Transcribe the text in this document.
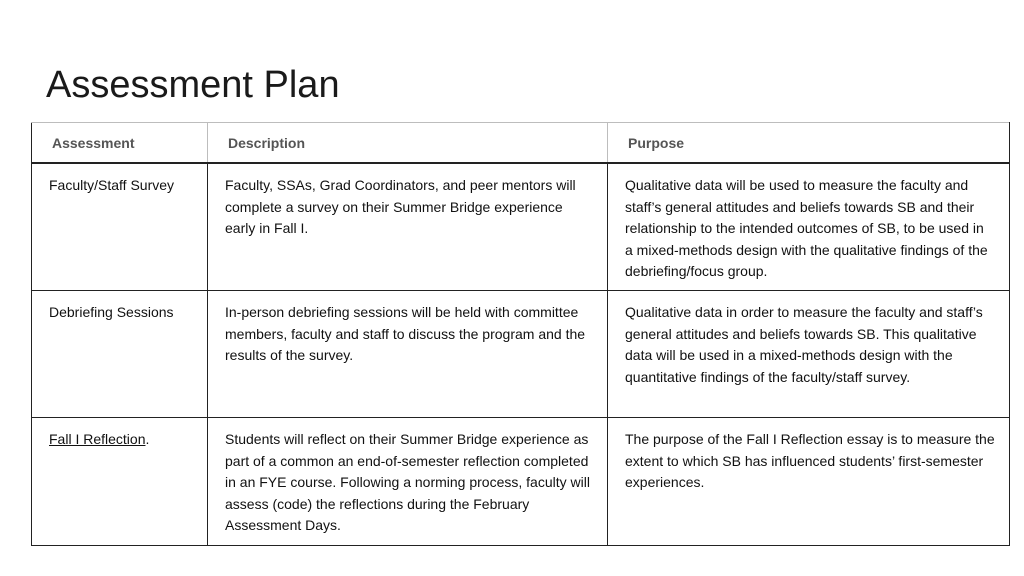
Assessment Plan
Assessment	Description	Purpose
Faculty/Staff Survey	Faculty, SSAs, Grad Coordinators, and peer mentors will complete a survey on their Summer Bridge experience early in Fall I.	Qualitative data will be used to measure the faculty and staff’s general attitudes and beliefs towards SB and their relationship to the intended outcomes of SB, to be used in a mixed-methods design with the qualitative findings of the debriefing/focus group.
Debriefing Sessions	In-person debriefing sessions will be held with committee members, faculty and staff to discuss the program and the results of the survey.	Qualitative data in order to measure the faculty and staff’s general attitudes and beliefs towards SB. This qualitative data will be used in a mixed-methods design with the quantitative findings of the faculty/staff survey.
Fall I Reflection.	Students will reflect on their Summer Bridge experience as part of a common an end-of-semester reflection completed in an FYE course. Following a norming process, faculty will assess (code) the reflections during the February Assessment Days.	The purpose of the Fall I Reflection essay is to measure the extent to which SB has influenced students’ first-semester experiences.
